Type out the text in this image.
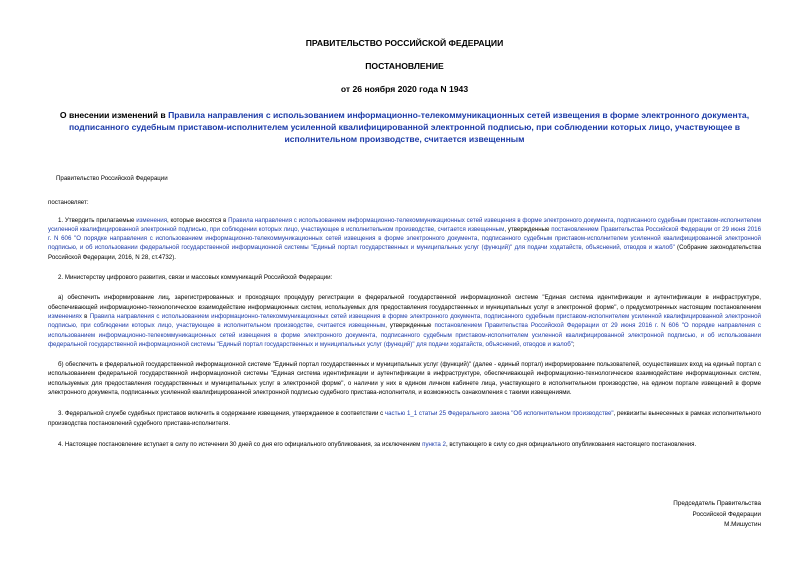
ПРАВИТЕЛЬСТВО РОССИЙСКОЙ ФЕДЕРАЦИИ
ПОСТАНОВЛЕНИЕ
от 26 ноября 2020 года N 1943
О внесении изменений в Правила направления с использованием информационно-телекоммуникационных сетей извещения в форме электронного документа, подписанного судебным приставом-исполнителем усиленной квалифицированной электронной подписью, при соблюдении которых лицо, участвующее в исполнительном производстве, считается извещенным
Правительство Российской Федерации
постановляет:
1. Утвердить прилагаемые изменения, которые вносятся в Правила направления с использованием информационно-телекоммуникационных сетей извещения в форме электронного документа, подписанного судебным приставом-исполнителем усиленной квалифицированной электронной подписью, при соблюдении которых лицо, участвующее в исполнительном производстве, считается извещенным, утвержденные постановлением Правительства Российской Федерации от 29 июня 2016 г. N 606 "О порядке направления с использованием информационно-телекоммуникационных сетей извещения в форме электронного документа, подписанного судебным приставом-исполнителем усиленной квалифицированной электронной подписью, и об использовании федеральной государственной информационной системы "Единый портал государственных и муниципальных услуг (функций)" для подачи ходатайств, объяснений, отводов и жалоб" (Собрание законодательства Российской Федерации, 2016, N 28, ст.4732).
2. Министерству цифрового развития, связи и массовых коммуникаций Российской Федерации:
а) обеспечить информирование лиц, зарегистрированных и проходящих процедуру регистрации в федеральной государственной информационной системе "Единая система идентификации и аутентификации в инфраструктуре, обеспечивающей информационно-технологическое взаимодействие информационных систем, используемых для предоставления государственных и муниципальных услуг в электронной форме", о предусмотренных настоящим постановлением изменениях в Правила направления с использованием информационно-телекоммуникационных сетей извещения в форме электронного документа, подписанного судебным приставом-исполнителем усиленной квалифицированной электронной подписью, при соблюдении которых лицо, участвующее в исполнительном производстве, считается извещенным, утвержденные постановлением Правительства Российской Федерации от 29 июня 2016 г. N 606 "О порядке направления с использованием информационно-телекоммуникационных сетей извещения в форме электронного документа, подписанного судебным приставом-исполнителем усиленной квалифицированной электронной подписью, и об использовании федеральной государственной информационной системы "Единый портал государственных и муниципальных услуг (функций)" для подачи ходатайств, объяснений, отводов и жалоб";
б) обеспечить в федеральной государственной информационной системе "Единый портал государственных и муниципальных услуг (функций)" (далее - единый портал) информирование пользователей, осуществивших вход на единый портал с использованием федеральной государственной информационной системы "Единая система идентификации и аутентификации в инфраструктуре, обеспечивающей информационно-технологическое взаимодействие информационных систем, используемых для предоставления государственных и муниципальных услуг в электронной форме", о наличии у них в едином личном кабинете лица, участвующего в исполнительном производстве, на едином портале извещений в форме электронного документа, подписанных усиленной квалифицированной электронной подписью судебного пристава-исполнителя, и возможность ознакомления с такими извещениями.
3. Федеральной службе судебных приставов включить в содержание извещения, утверждаемое в соответствии с частью 1_1 статьи 25 Федерального закона "Об исполнительном производстве", реквизиты вынесенных в рамках исполнительного производства постановлений судебного пристава-исполнителя.
4. Настоящее постановление вступает в силу по истечении 30 дней со дня его официального опубликования, за исключением пункта 2, вступающего в силу со дня официального опубликования настоящего постановления.
Председатель Правительства
Российской Федерации
М.Мишустин
